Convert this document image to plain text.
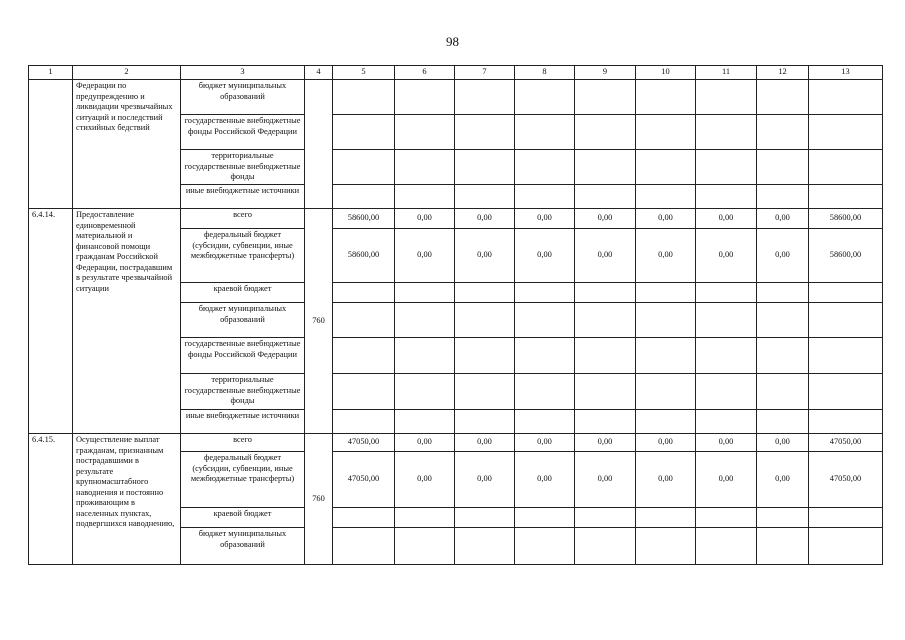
98
1	2	3	4	5	6	7	8	9	10	11	12	13
	Федерации по предупреждению и ликвидации чрезвычайных ситуаций и последствий стихийных бедствий	бюджет муниципальных образований										
		государственные внебюджетные фонды Российской Федерации										
		территориальные государственные внебюджетные фонды										
		иные внебюджетные источники										
6.4.14.	Предоставление единовременной материальной и финансовой помощи гражданам Российской Федерации, пострадавшим в результате чрезвычайной ситуации	всего	760	58600,00	0,00	0,00	0,00	0,00	0,00	0,00	0,00	58600,00
		федеральный бюджет (субсидии, субвенции, иные межбюджетные трансферты)		58600,00	0,00	0,00	0,00	0,00	0,00	0,00	0,00	58600,00
		краевой бюджет										
		бюджет муниципальных образований										
		государственные внебюджетные фонды Российской Федерации										
		территориальные государственные внебюджетные фонды										
		иные внебюджетные источники										
6.4.15.	Осуществление выплат гражданам, признанным пострадавшими в результате крупномасштабного наводнения и постоянно проживающим в населенных пунктах, подвергшихся наводнению,	всего	760	47050,00	0,00	0,00	0,00	0,00	0,00	0,00	0,00	47050,00
		федеральный бюджет (субсидии, субвенции, иные межбюджетные трансферты)		47050,00	0,00	0,00	0,00	0,00	0,00	0,00	0,00	47050,00
		краевой бюджет										
		бюджет муниципальных образований										
